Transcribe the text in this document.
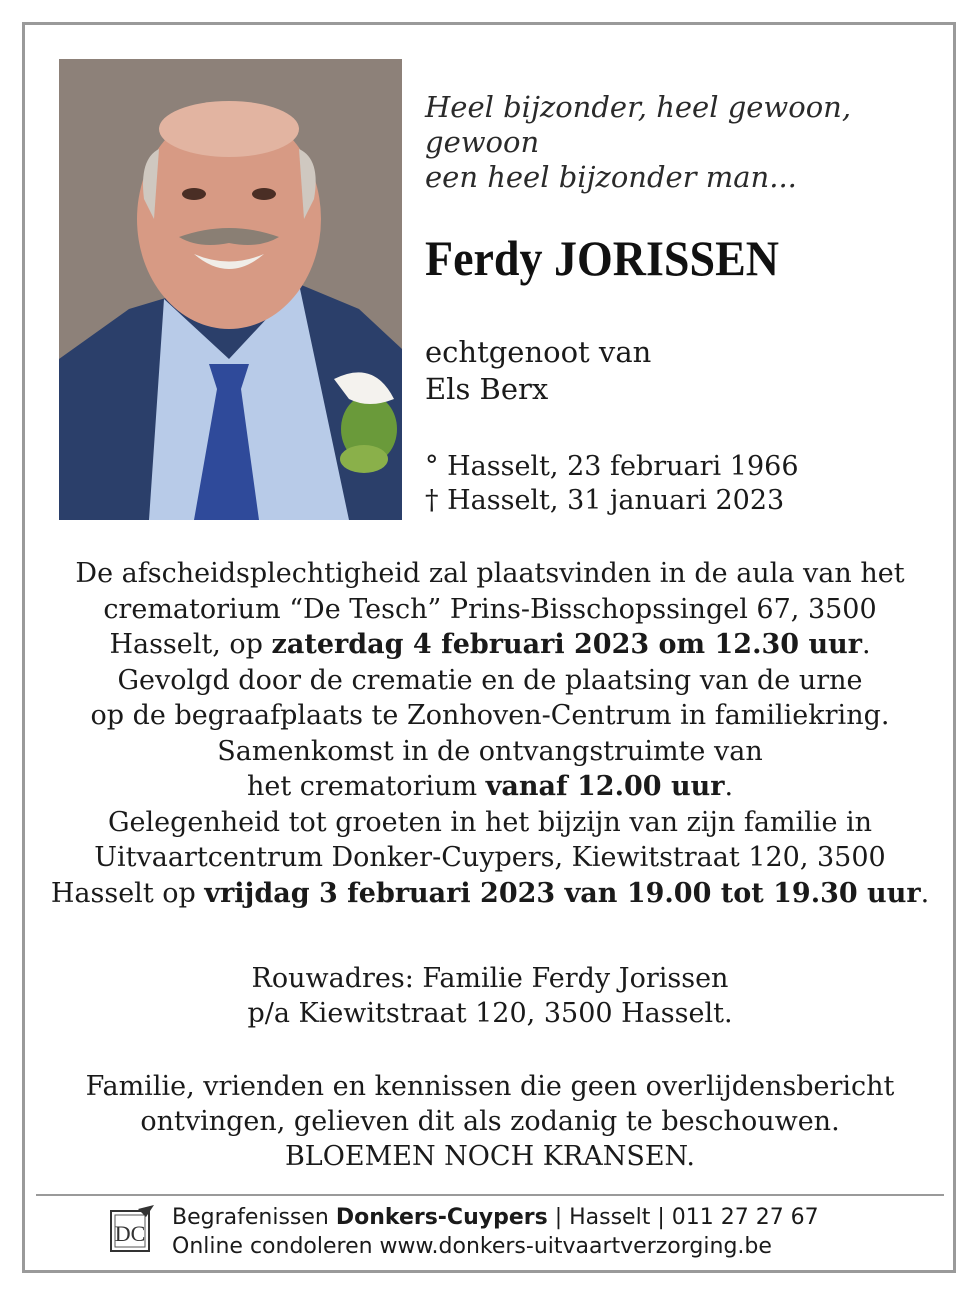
Heel bijzonder, heel gewoon, gewoon
een heel bijzonder man...
Ferdy JORISSEN
echtgenoot van
Els Berx
° Hasselt, 23 februari 1966
† Hasselt, 31 januari 2023
De afscheidsplechtigheid zal plaatsvinden in de aula van het
crematorium “De Tesch” Prins-Bisschopssingel 67, 3500
Hasselt, op zaterdag 4 februari 2023 om 12.30 uur.
Gevolgd door de crematie en de plaatsing van de urne
op de begraafplaats te Zonhoven-Centrum in familiekring.
Samenkomst in de ontvangstruimte van
het crematorium vanaf 12.00 uur.
Gelegenheid tot groeten in het bijzijn van zijn familie in
Uitvaartcentrum Donker-Cuypers, Kiewitstraat 120, 3500
Hasselt op vrijdag 3 februari 2023 van 19.00 tot 19.30 uur.
Rouwadres: Familie Ferdy Jorissen
p/a Kiewitstraat 120, 3500 Hasselt.
Familie, vrienden en kennissen die geen overlijdensbericht
ontvingen, gelieven dit als zodanig te beschouwen.
BLOEMEN NOCH KRANSEN.
DC
Begrafenissen Donkers-Cuypers | Hasselt | 011 27 27 67
Online condoleren www.donkers-uitvaartverzorging.be
